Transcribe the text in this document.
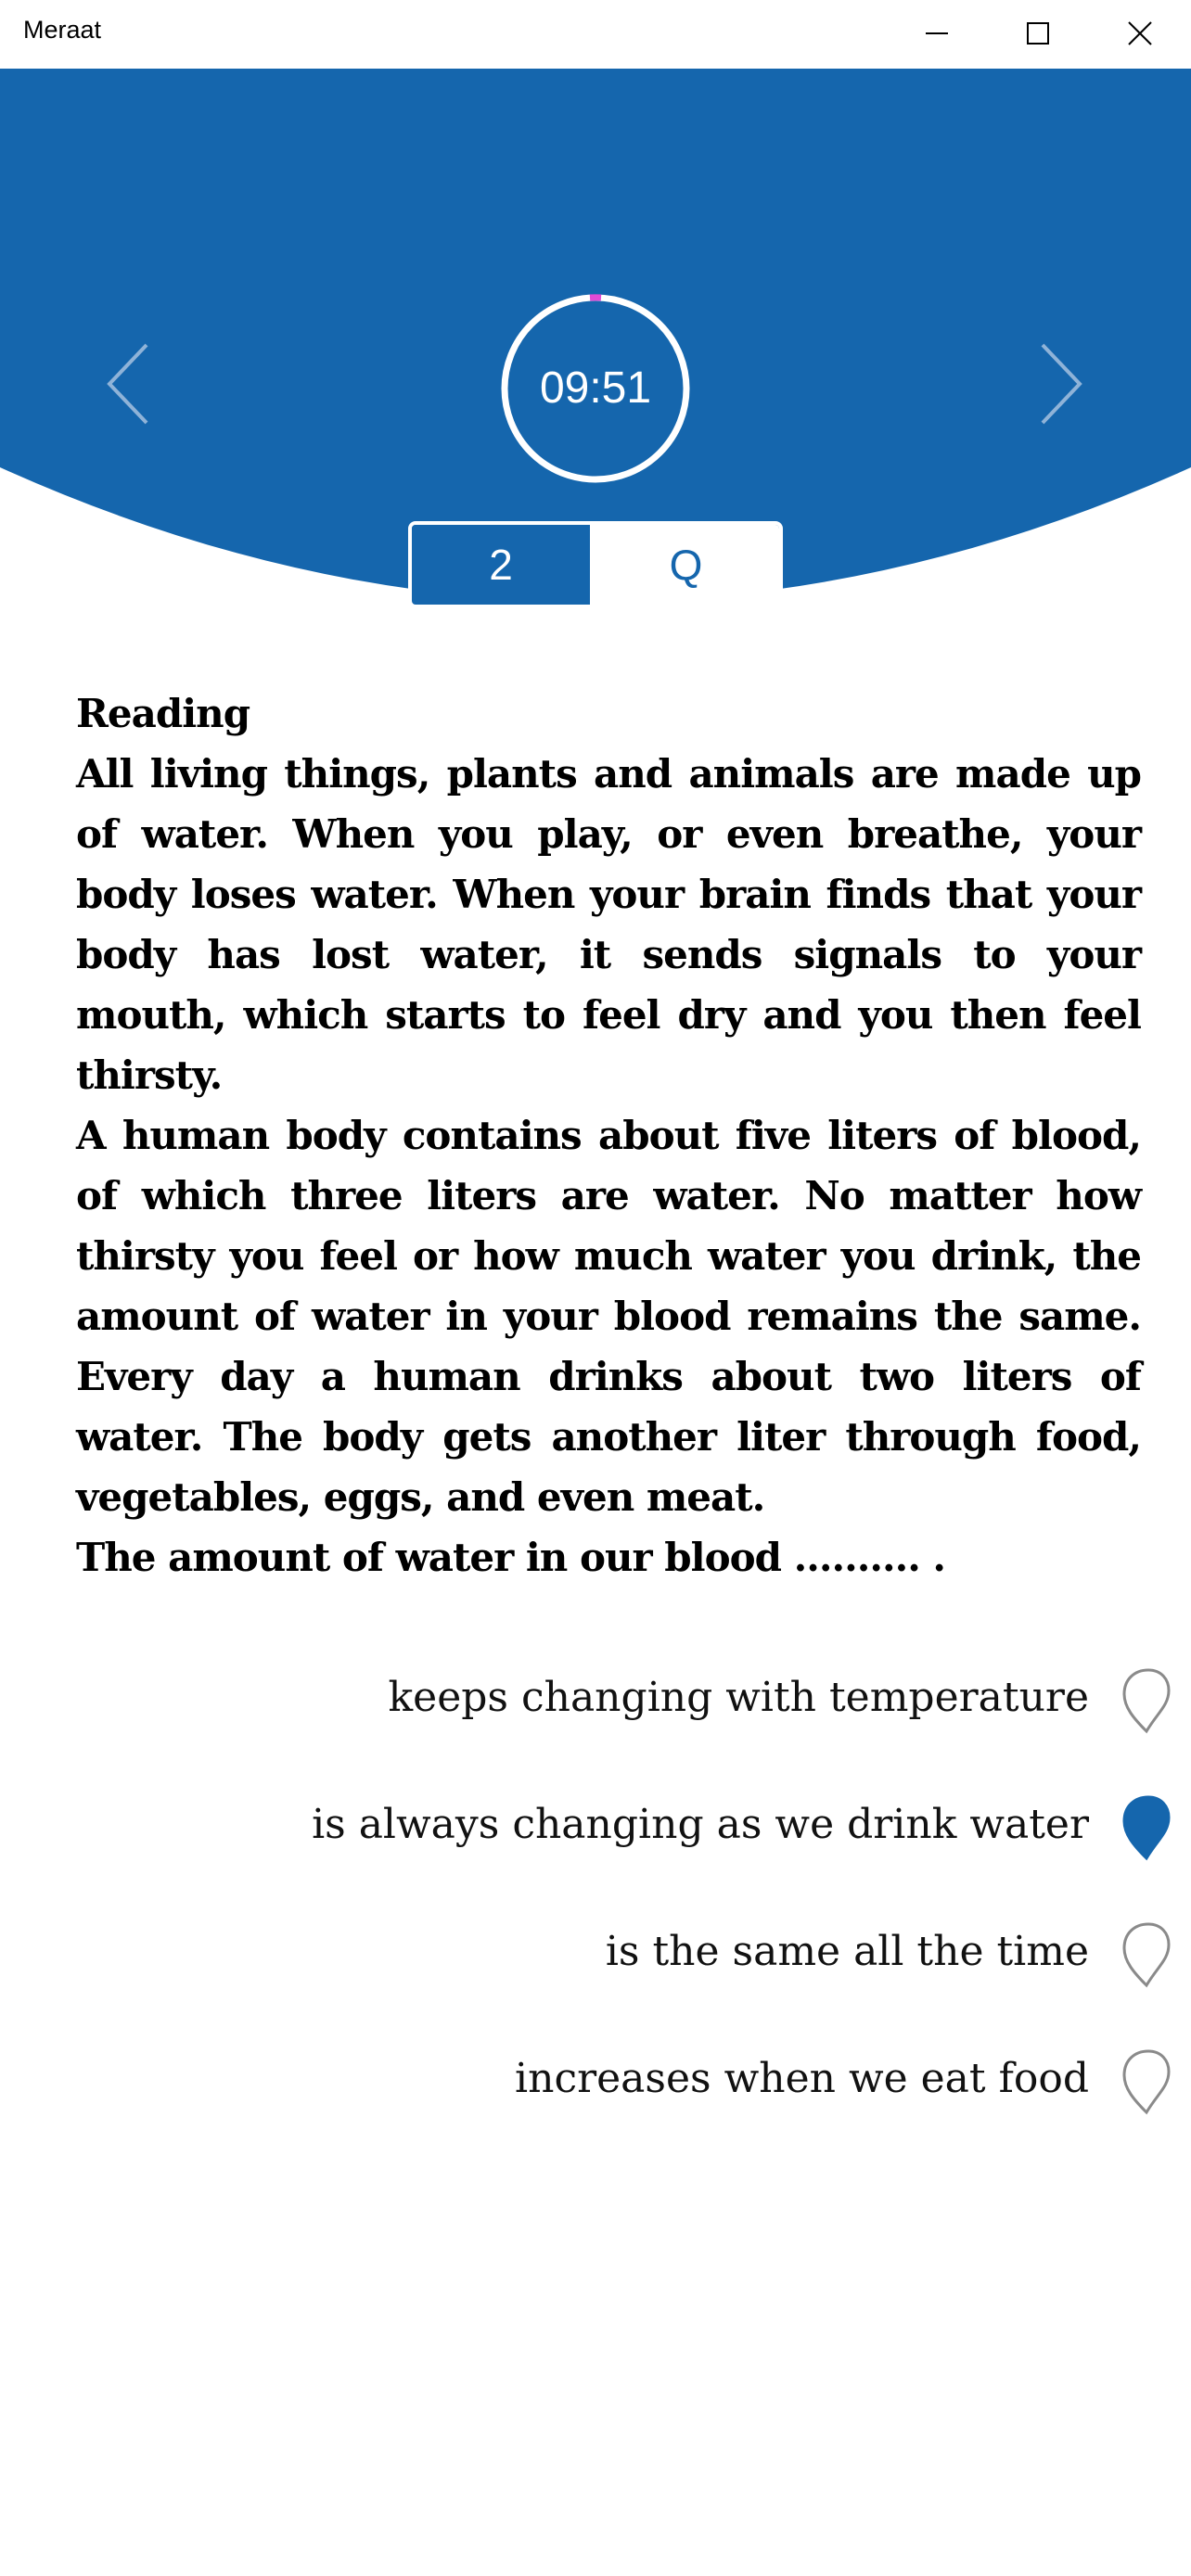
Meraat
09:51
2	Q

Reading

All living things, plants and animals are made up of water. When you play, or even breathe, your body loses water. When your brain finds that your body has lost water, it sends signals to your mouth, which starts to feel dry and you then feel thirsty.

A human body contains about five liters of blood, of which three liters are water. No matter how thirsty you feel or how much water you drink, the amount of water in your blood remains the same. Every day a human drinks about two liters of water. The body gets another liter through food, vegetables, eggs, and even meat.

The amount of water in our blood .......... .

keeps changing with temperature
is always changing as we drink water
is the same all the time
increases when we eat food
